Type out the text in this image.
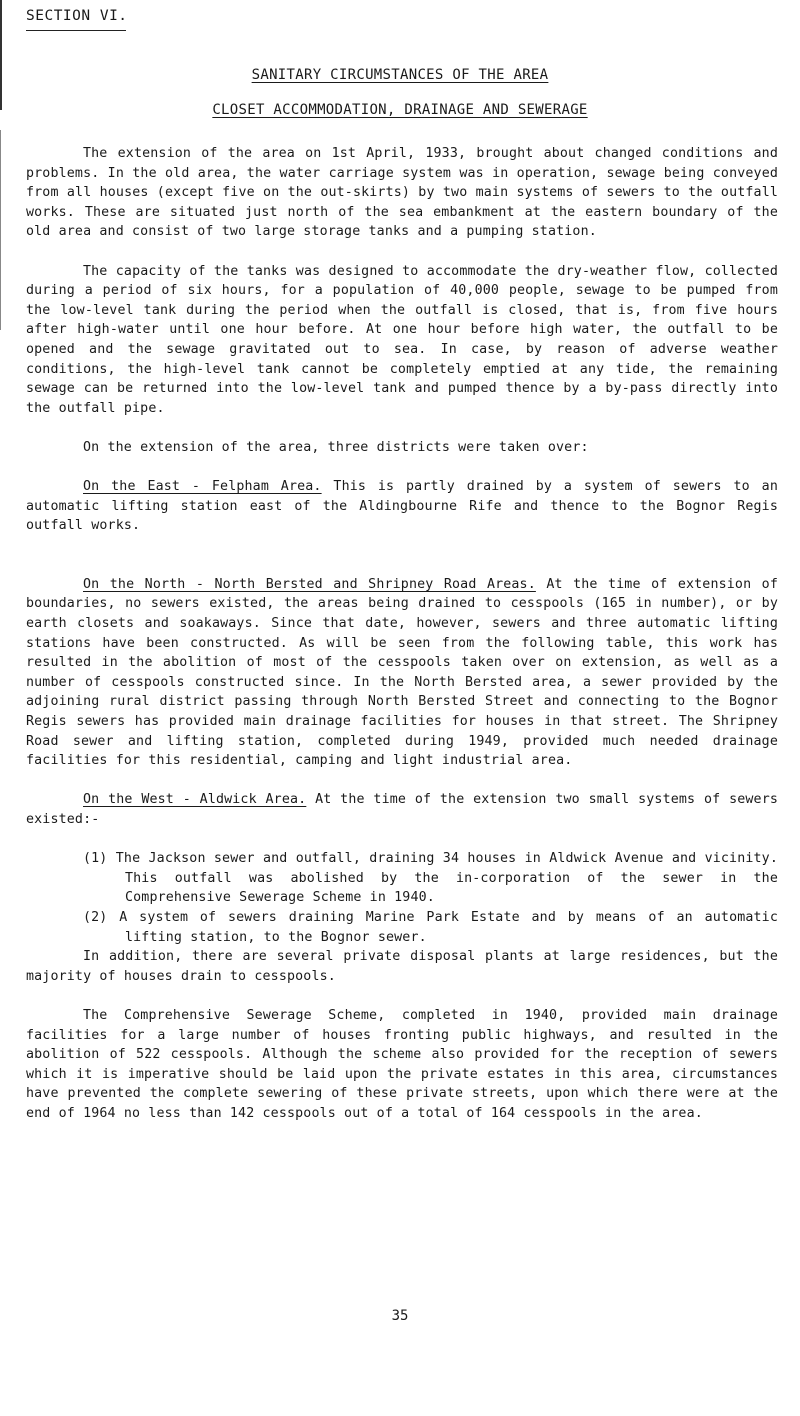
SECTION VI.
SANITARY CIRCUMSTANCES OF THE AREA
CLOSET ACCOMMODATION, DRAINAGE AND SEWERAGE

The extension of the area on 1st April, 1933, brought about changed conditions and problems. In the old area, the water carriage system was in operation, sewage being conveyed from all houses (except five on the out-skirts) by two main systems of sewers to the outfall works. These are situated just north of the sea embankment at the eastern boundary of the old area and consist of two large storage tanks and a pumping station.

The capacity of the tanks was designed to accommodate the dry-weather flow, collected during a period of six hours, for a population of 40,000 people, sewage to be pumped from the low-level tank during the period when the outfall is closed, that is, from five hours after high-water until one hour before. At one hour before high water, the outfall to be opened and the sewage gravitated out to sea. In case, by reason of adverse weather conditions, the high-level tank cannot be completely emptied at any tide, the remaining sewage can be returned into the low-level tank and pumped thence by a by-pass directly into the outfall pipe.

On the extension of the area, three districts were taken over:

On the East - Felpham Area. This is partly drained by a system of sewers to an automatic lifting station east of the Aldingbourne Rife and thence to the Bognor Regis outfall works.

On the North - North Bersted and Shripney Road Areas. At the time of extension of boundaries, no sewers existed, the areas being drained to cesspools (165 in number), or by earth closets and soakaways. Since that date, however, sewers and three automatic lifting stations have been constructed. As will be seen from the following table, this work has resulted in the abolition of most of the cesspools taken over on extension, as well as a number of cesspools constructed since. In the North Bersted area, a sewer provided by the adjoining rural district passing through North Bersted Street and connecting to the Bognor Regis sewers has provided main drainage facilities for houses in that street. The Shripney Road sewer and lifting station, completed during 1949, provided much needed drainage facilities for this residential, camping and light industrial area.

On the West - Aldwick Area. At the time of the extension two small systems of sewers existed:-

(1) The Jackson sewer and outfall, draining 34 houses in Aldwick Avenue and vicinity. This outfall was abolished by the in-corporation of the sewer in the Comprehensive Sewerage Scheme in 1940.

(2) A system of sewers draining Marine Park Estate and by means of an automatic lifting station, to the Bognor sewer.

In addition, there are several private disposal plants at large residences, but the majority of houses drain to cesspools.

The Comprehensive Sewerage Scheme, completed in 1940, provided main drainage facilities for a large number of houses fronting public highways, and resulted in the abolition of 522 cesspools. Although the scheme also provided for the reception of sewers which it is imperative should be laid upon the private estates in this area, circumstances have prevented the complete sewering of these private streets, upon which there were at the end of 1964 no less than 142 cesspools out of a total of 164 cesspools in the area.

35
